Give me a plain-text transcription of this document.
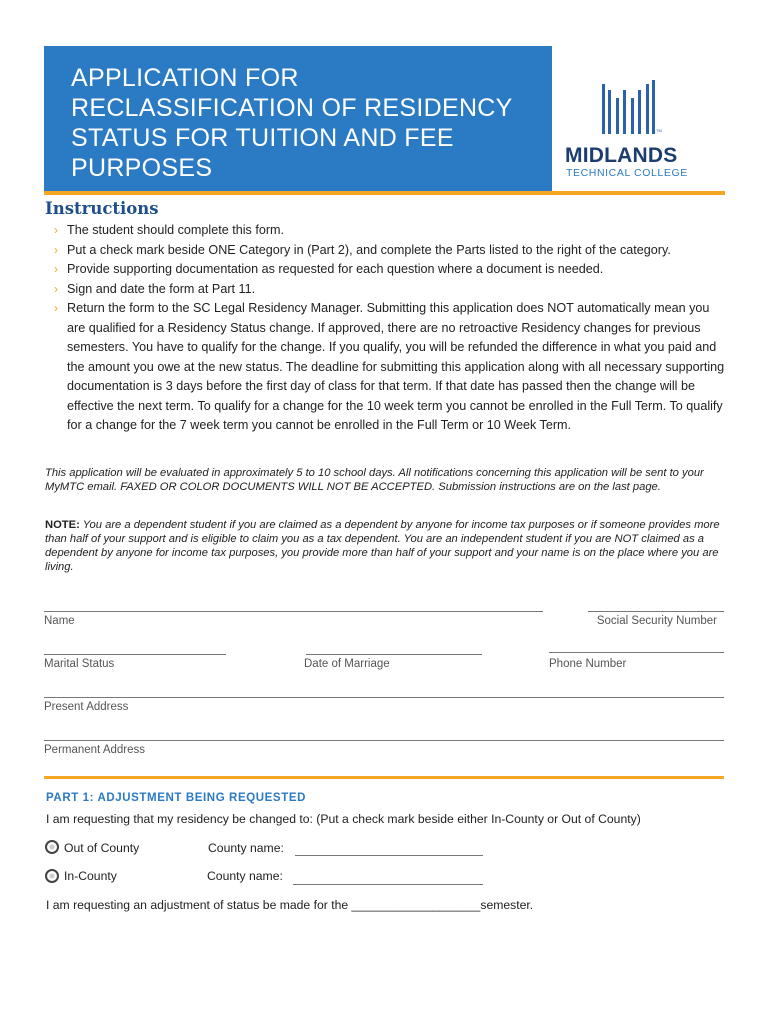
APPLICATION FOR
RECLASSIFICATION OF RESIDENCY
STATUS FOR TUITION AND FEE
PURPOSES
TM
MIDLANDS
TECHNICAL COLLEGE
Instructions
› The student should complete this form.
› Put a check mark beside ONE Category in (Part 2), and complete the Parts listed to the right of the category.
› Provide supporting documentation as requested for each question where a document is needed.
› Sign and date the form at Part 11.
› Return the form to the SC Legal Residency Manager. Submitting this application does NOT automatically mean you are qualified for a Residency Status change. If approved, there are no retroactive Residency changes for previous semesters. You have to qualify for the change. If you qualify, you will be refunded the difference in what you paid and the amount you owe at the new status. The deadline for submitting this application along with all necessary supporting documentation is 3 days before the first day of class for that term. If that date has passed then the change will be effective the next term. To qualify for a change for the 10 week term you cannot be enrolled in the Full Term. To qualify for a change for the 7 week term you cannot be enrolled in the Full Term or 10 Week Term.
This application will be evaluated in approximately 5 to 10 school days. All notifications concerning this application will be sent to your MyMTC email. FAXED OR COLOR DOCUMENTS WILL NOT BE ACCEPTED. Submission instructions are on the last page.
NOTE: You are a dependent student if you are claimed as a dependent by anyone for income tax purposes or if someone provides more than half of your support and is eligible to claim you as a tax dependent. You are an independent student if you are NOT claimed as a dependent by anyone for income tax purposes, you provide more than half of your support and your name is on the place where you are living.
Name	Social Security Number
Marital Status	Date of Marriage	Phone Number
Present Address
Permanent Address
PART 1: ADJUSTMENT BEING REQUESTED
I am requesting that my residency be changed to: (Put a check mark beside either In-County or Out of County)
Out of County	County name:
In-County	County name:
I am requesting an adjustment of status be made for the ___________________semester.
